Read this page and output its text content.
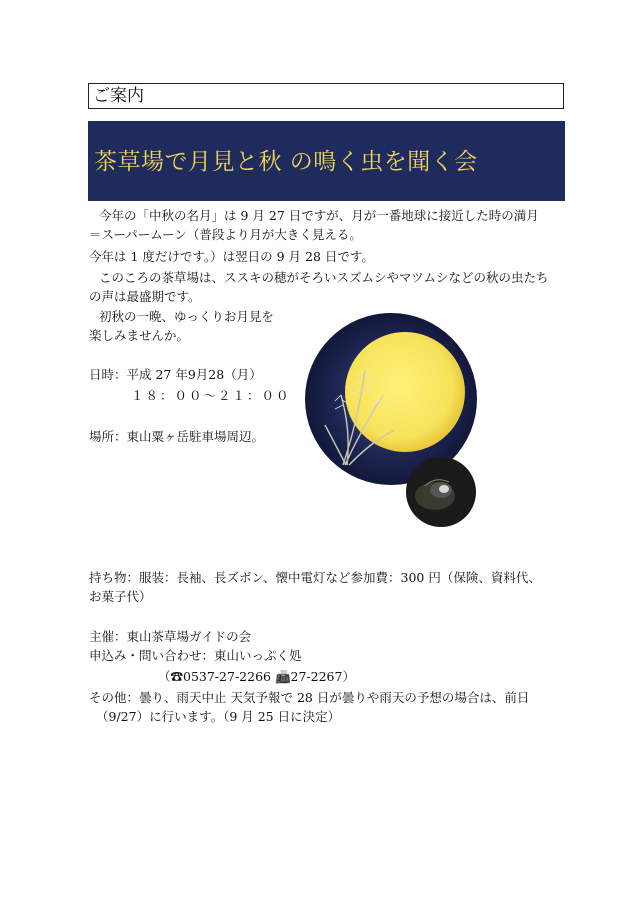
ご案内
茶草場で月見と秋 の鳴く虫を聞く会
今年の「中秋の名月」は 9 月 27 日ですが、月が一番地球に接近した時の満月
＝スーパームーン（普段より月が大きく見える。
今年は 1 度だけです。）は翌日の 9 月 28 日です。
このころの茶草場は、ススキの穂がそろいスズムシやマツムシなどの秋の虫たち
の声は最盛期です。
初秋の一晩、ゆっくりお月見を
楽しみませんか。
日時：平成 27 年9月28（月）
１８：００～２１：００
場所：東山粟ヶ岳駐車場周辺。
持ち物：服装：長袖、長ズボン、懐中電灯など参加費：300 円（保険、資料代、
お菓子代）
主催：東山茶草場ガイドの会
申込み・問い合わせ：東山いっぷく処
（☎0537-27-2266 📠27-2267）
その他：曇り、雨天中止 天気予報で 28 日が曇りや雨天の予想の場合は、前日
（9/27）に行います。（9 月 25 日に決定）
